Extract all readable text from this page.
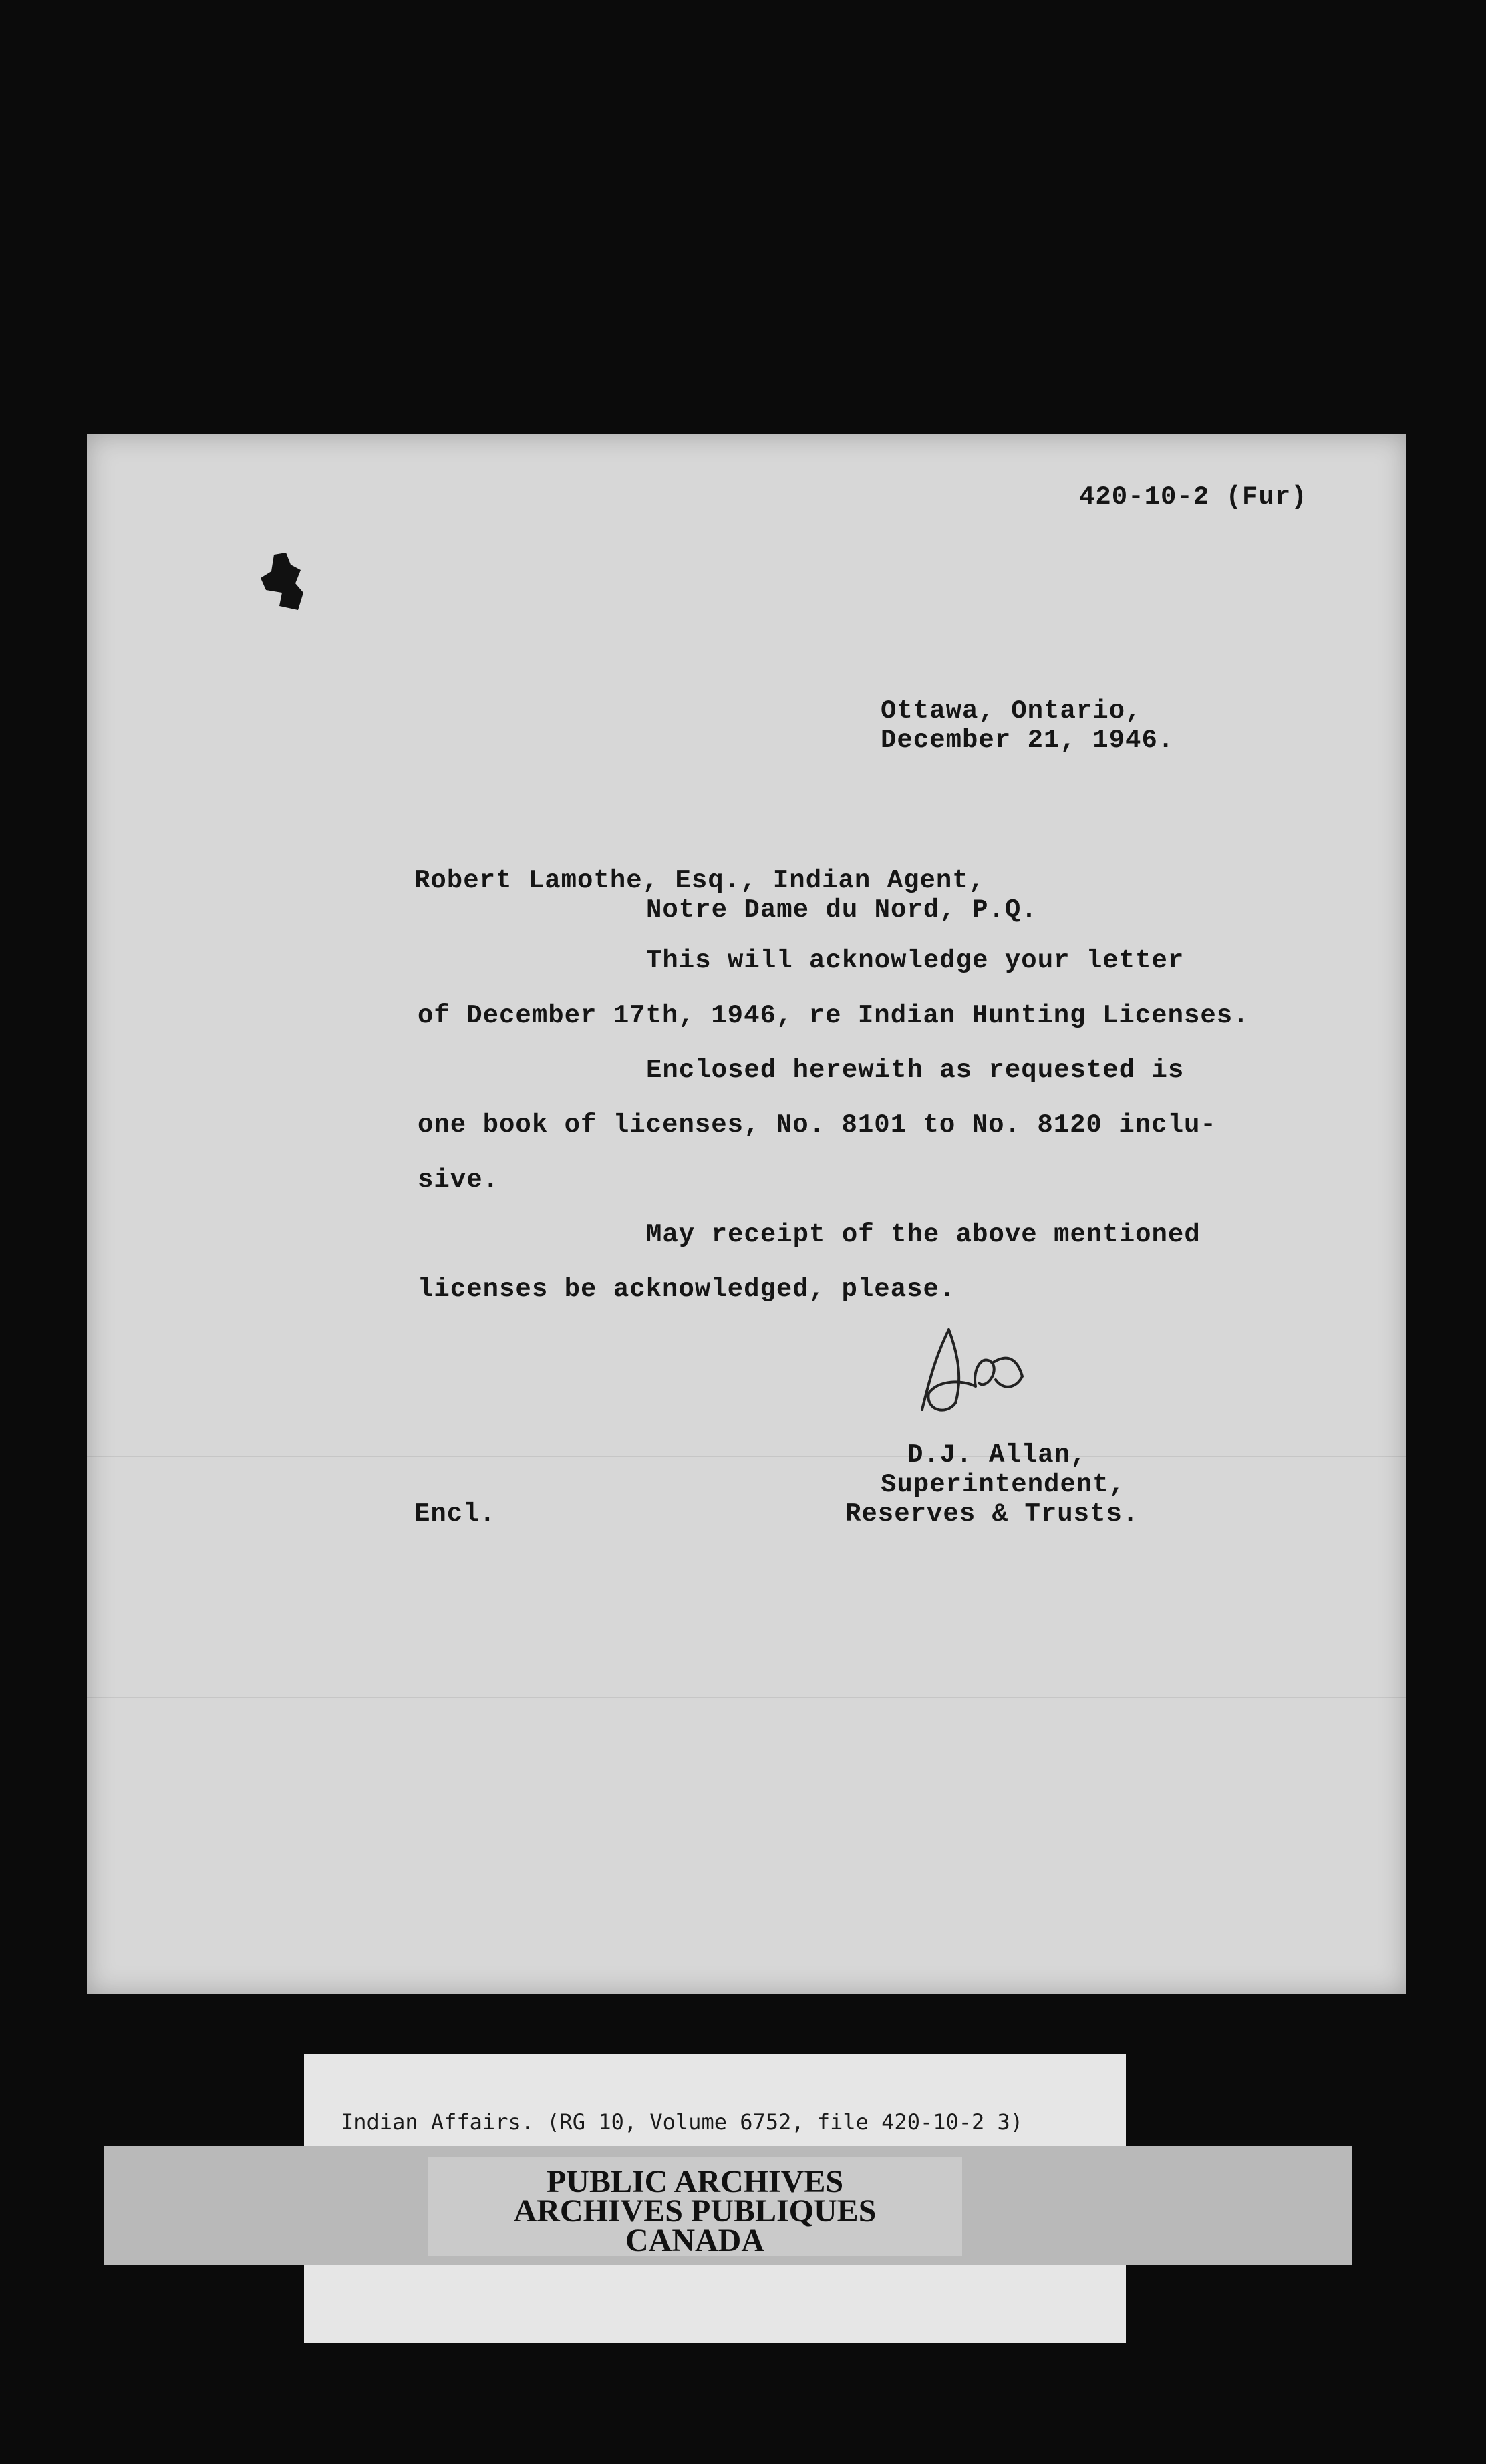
420-10-2 (Fur)
Ottawa, Ontario,
December 21, 1946.
Robert Lamothe, Esq., Indian Agent,
Notre Dame du Nord, P.Q.
This will acknowledge your letter
of December 17th, 1946, re Indian Hunting Licenses.
Enclosed herewith as requested is
one book of licenses, No. 8101 to No. 8120 inclu-
sive.
May receipt of the above mentioned
licenses be acknowledged, please.
D.J. Allan,
Superintendent,
Reserves & Trusts.
Encl.
Indian Affairs. (RG 10, Volume 6752, file 420-10-2 3)
PUBLIC ARCHIVES
ARCHIVES PUBLIQUES
CANADA
